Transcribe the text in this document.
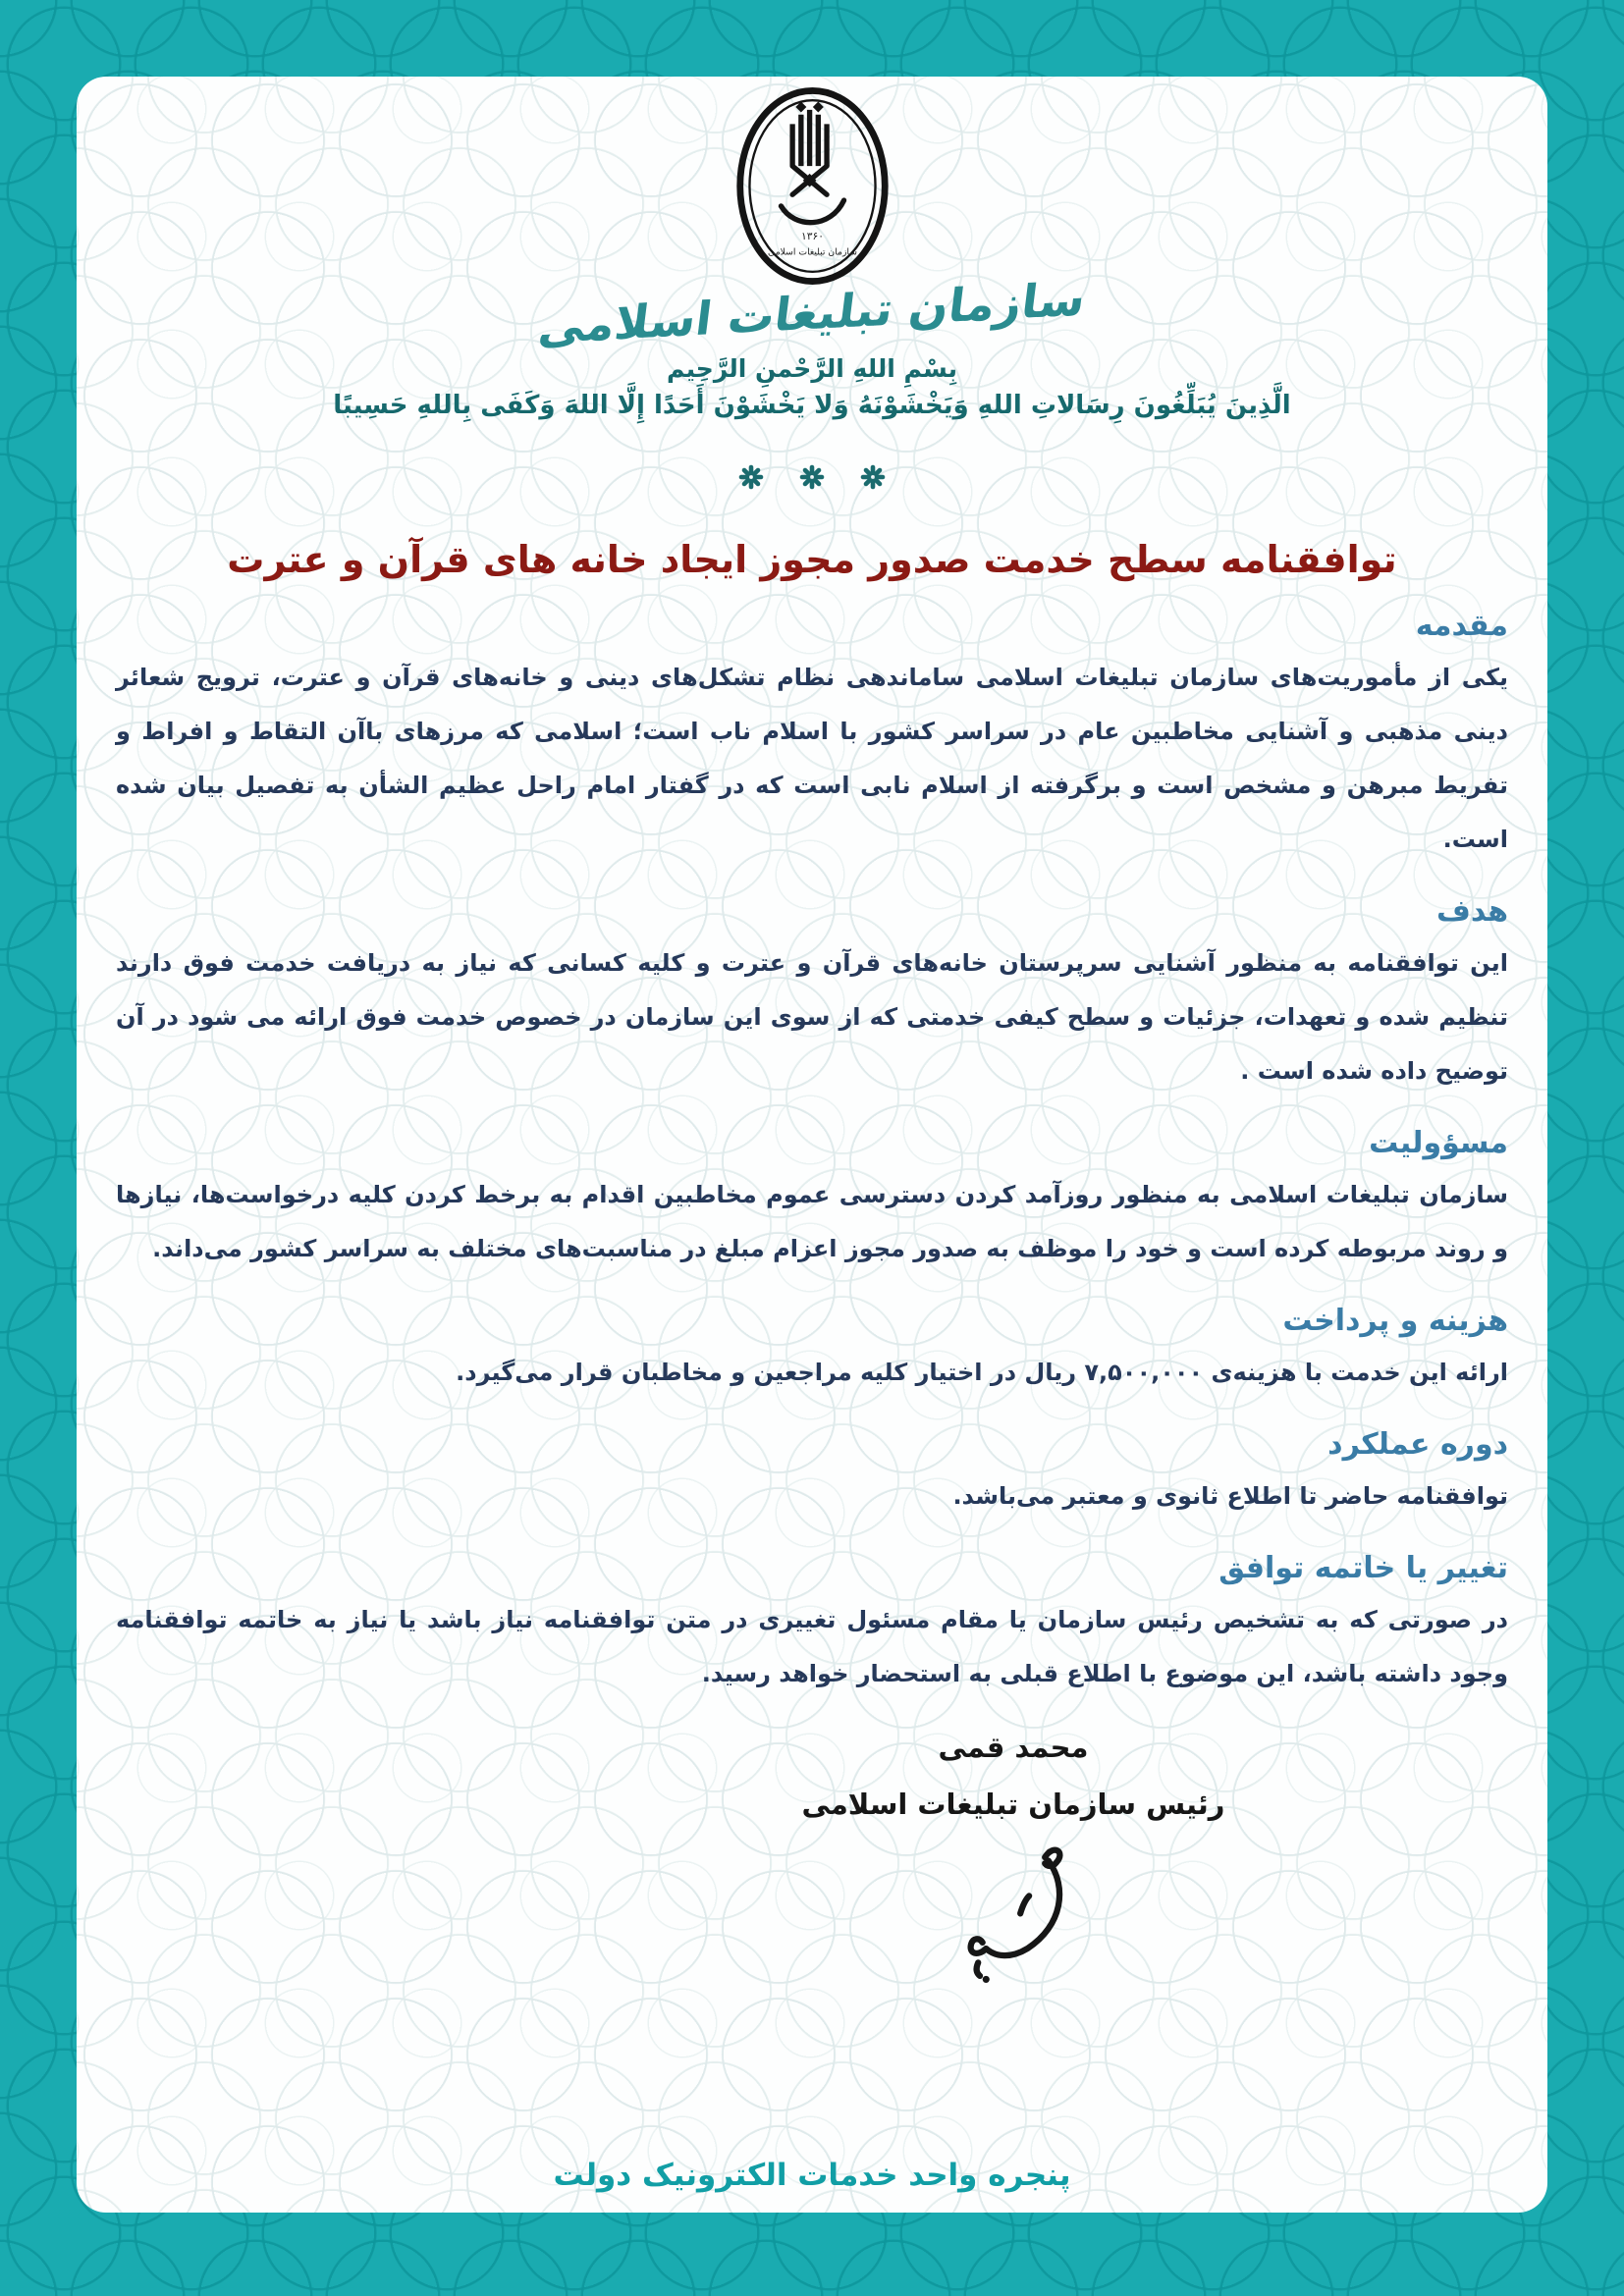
۱۳۶۰
سازمان تبلیغات اسلامی
سازمان تبلیغات اسلامی
بِسْمِ اللهِ الرَّحْمنِ الرَّحِيم
الَّذِينَ يُبَلِّغُونَ رِسَالاتِ اللهِ وَيَخْشَوْنَهُ وَلا يَخْشَوْنَ أَحَدًا إِلَّا اللهَ وَكَفَى بِاللهِ حَسِيبًا
توافقنامه سطح خدمت صدور مجوز ایجاد خانه های قرآن و عترت
مقدمه
یکی از مأموریت‌های سازمان تبلیغات اسلامی ساماندهی نظام تشکل‌های دینی و خانه‌های قرآن و عترت، ترویج شعائر دینی مذهبی و آشنایی مخاطبین عام در سراسر کشور با اسلام ناب است؛ اسلامی که مرزهای باآن التقاط و افراط و تفریط مبرهن و مشخص است و برگرفته از اسلام نابی است که در گفتار امام راحل عظیم الشأن به تفصیل بیان شده است.
هدف
این توافقنامه به منظور آشنایی سرپرستان خانه‌های قرآن و عترت و کلیه کسانی که نیاز به دریافت خدمت فوق دارند تنظیم شده و تعهدات، جزئیات و سطح کیفی خدمتی که از سوی این سازمان در خصوص خدمت فوق ارائه می شود در آن توضیح داده شده است .
مسؤولیت
سازمان تبلیغات اسلامی به منظور روزآمد کردن دسترسی عموم مخاطبین اقدام به برخط کردن کلیه درخواست‌ها، نیازها و روند مربوطه کرده است و خود را موظف به صدور مجوز اعزام مبلغ در مناسبت‌های مختلف به سراسر کشور می‌داند.
هزینه و پرداخت
ارائه این خدمت با هزینه‌ی ۷,۵۰۰,۰۰۰ ریال در اختیار کلیه مراجعین و مخاطبان قرار می‌گیرد.
دوره عملکرد
توافقنامه حاضر تا اطلاع ثانوی و معتبر می‌باشد.
تغییر یا خاتمه توافق
در صورتی که به تشخیص رئیس سازمان یا مقام مسئول تغییری در متن توافقنامه نیاز باشد یا نیاز به خاتمه توافقنامه وجود داشته باشد، این موضوع با اطلاع قبلی به استحضار خواهد رسید.
محمد قمی
رئیس سازمان تبلیغات اسلامی
پنجره واحد خدمات الکترونیک دولت
